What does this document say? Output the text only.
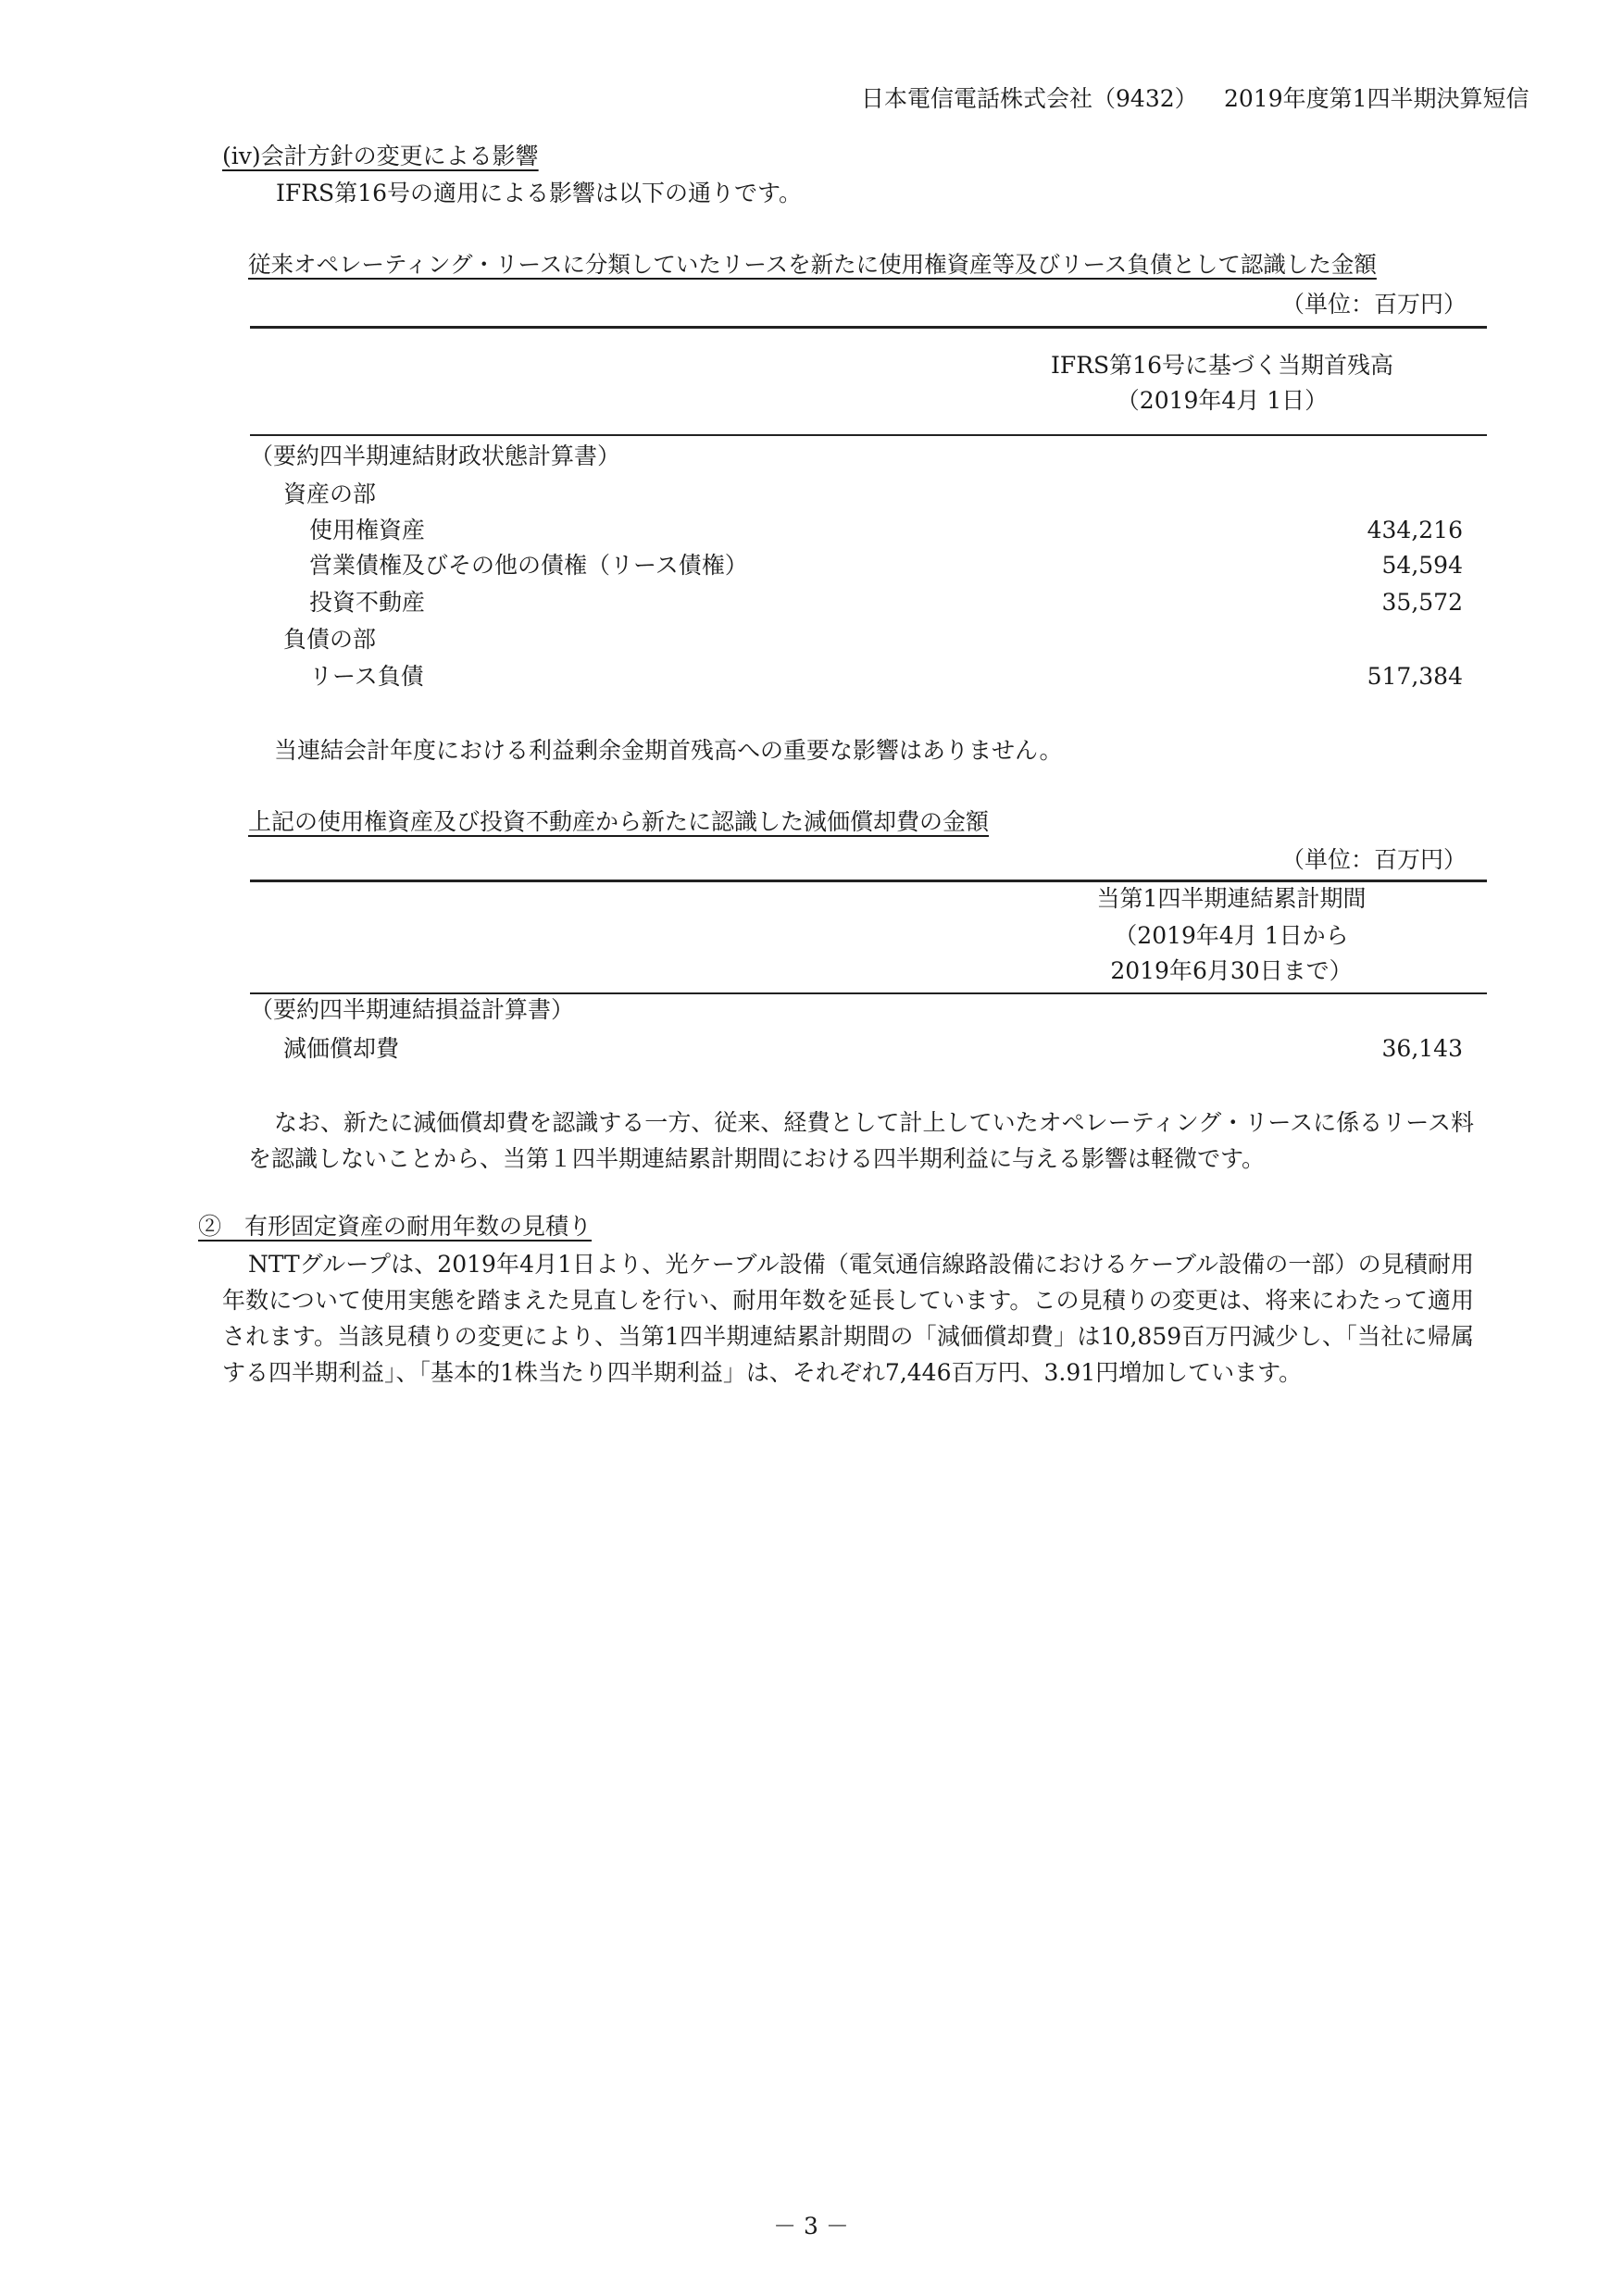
日本電信電話株式会社（9432） 2019年度第1四半期決算短信
(iv)会計方針の変更による影響
IFRS第16号の適用による影響は以下の通りです。
従来オペレーティング・リースに分類していたリースを新たに使用権資産等及びリース負債として認識した金額
（単位：百万円）
IFRS第16号に基づく当期首残高
（2019年4月 1日）
（要約四半期連結財政状態計算書）
資産の部
使用権資産	434,216
営業債権及びその他の債権（リース債権）	54,594
投資不動産	35,572
負債の部
リース負債	517,384
当連結会計年度における利益剰余金期首残高への重要な影響はありません。
上記の使用権資産及び投資不動産から新たに認識した減価償却費の金額
（単位：百万円）
当第1四半期連結累計期間
（2019年4月 1日から
2019年6月30日まで）
（要約四半期連結損益計算書）
減価償却費	36,143
なお、新たに減価償却費を認識する一方、従来、経費として計上していたオペレーティング・リースに係るリース料を認識しないことから、当第１四半期連結累計期間における四半期利益に与える影響は軽微です。
②　有形固定資産の耐用年数の見積り
NTTグループは、2019年4月1日より、光ケーブル設備（電気通信線路設備におけるケーブル設備の一部）の見積耐用年数について使用実態を踏まえた見直しを行い、耐用年数を延長しています。この見積りの変更は、将来にわたって適用されます。当該見積りの変更により、当第1四半期連結累計期間の「減価償却費」は10,859百万円減少し、「当社に帰属する四半期利益」、「基本的1株当たり四半期利益」は、それぞれ7,446百万円、3.91円増加しています。
－ 3 －
